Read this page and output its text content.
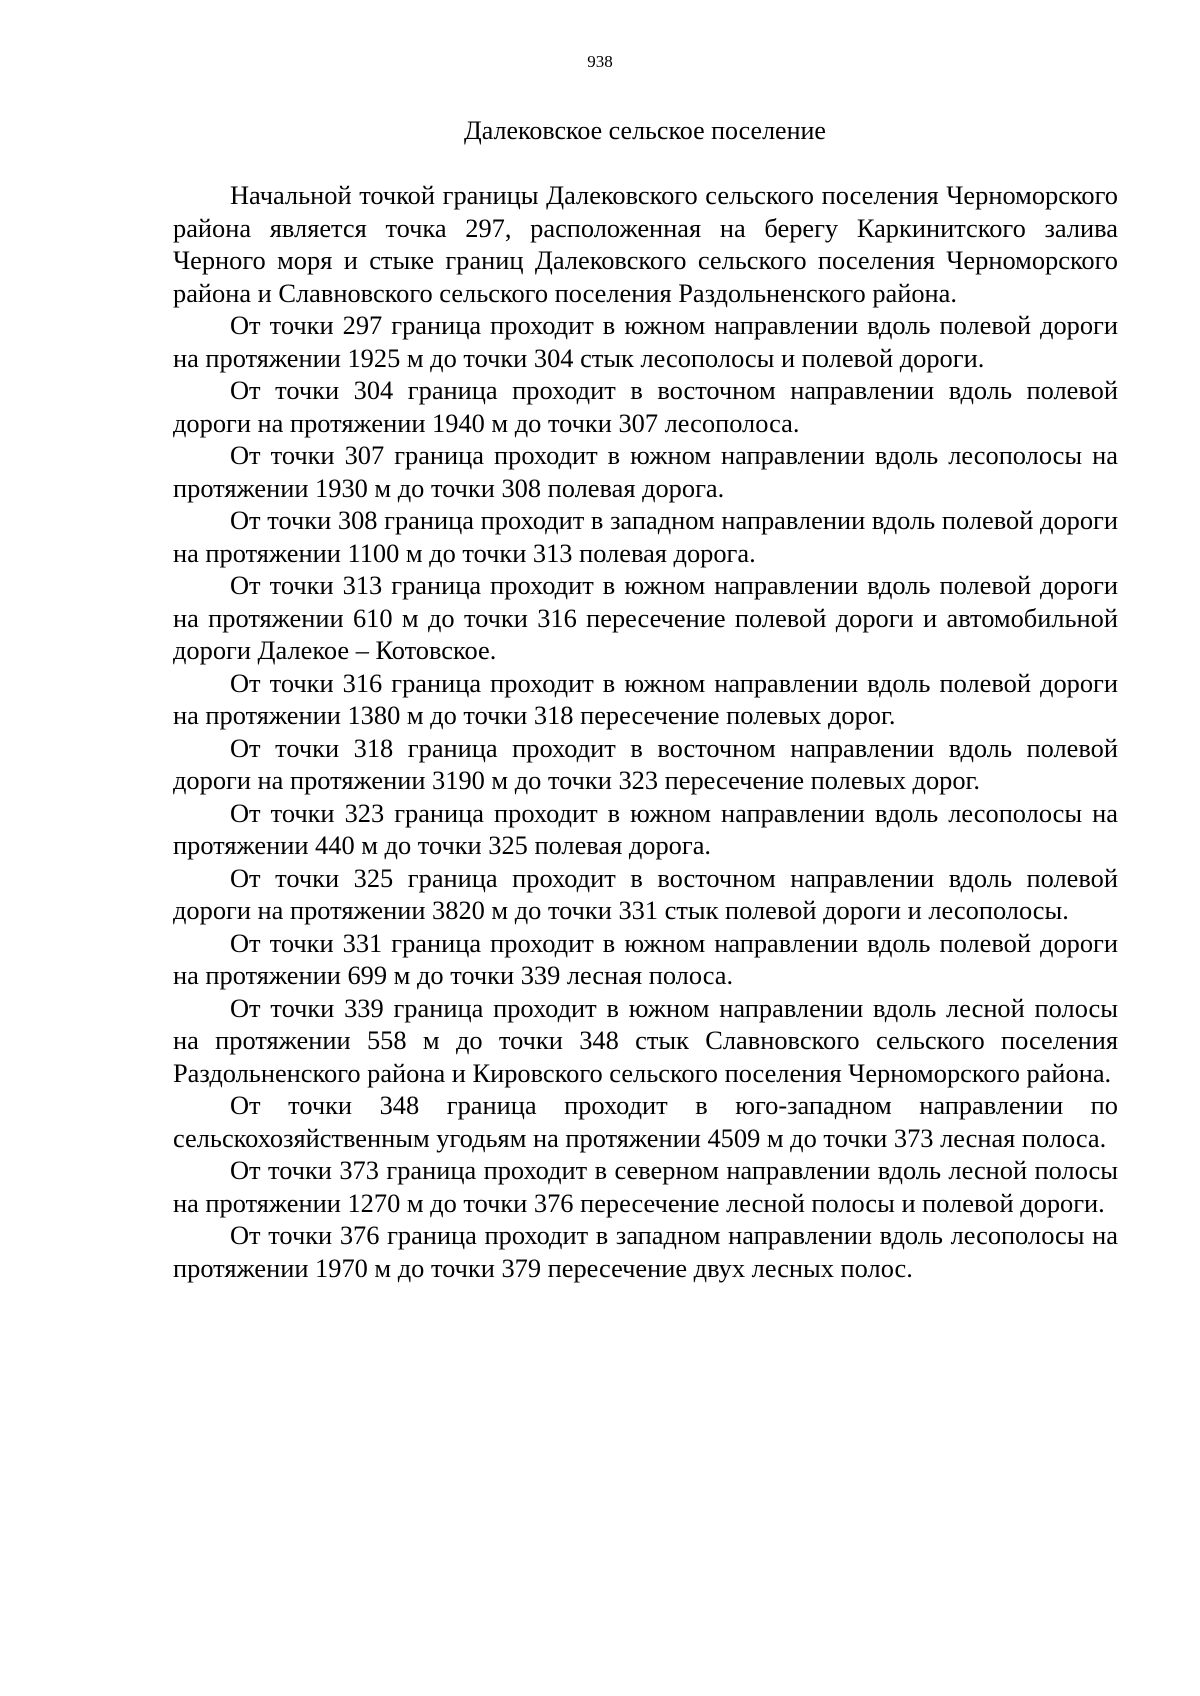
938

Далековское сельское поселение

Начальной точкой границы Далековского сельского поселения Черноморского района является точка 297, расположенная на берегу Каркинитского залива Черного моря и стыке границ Далековского сельского поселения Черноморского района и Славновского сельского поселения Раздольненского района.

От точки 297 граница проходит в южном направлении вдоль полевой дороги на протяжении 1925 м до точки 304 стык лесополосы и полевой дороги.

От точки 304 граница проходит в восточном направлении вдоль полевой дороги на протяжении 1940 м до точки 307 лесополоса.

От точки 307 граница проходит в южном направлении вдоль лесополосы на протяжении 1930 м до точки 308 полевая дорога.

От точки 308 граница проходит в западном направлении вдоль полевой дороги на протяжении 1100 м до точки 313 полевая дорога.

От точки 313 граница проходит в южном направлении вдоль полевой дороги на протяжении 610 м до точки 316 пересечение полевой дороги и автомобильной дороги Далекое – Котовское.

От точки 316 граница проходит в южном направлении вдоль полевой дороги на протяжении 1380 м до точки 318 пересечение полевых дорог.

От точки 318 граница проходит в восточном направлении вдоль полевой дороги на протяжении 3190 м до точки 323 пересечение полевых дорог.

От точки 323 граница проходит в южном направлении вдоль лесополосы на протяжении 440 м до точки 325 полевая дорога.

От точки 325 граница проходит в восточном направлении вдоль полевой дороги на протяжении 3820 м до точки 331 стык полевой дороги и лесополосы.

От точки 331 граница проходит в южном направлении вдоль полевой дороги на протяжении 699 м до точки 339 лесная полоса.

От точки 339 граница проходит в южном направлении вдоль лесной полосы на протяжении 558 м до точки 348 стык Славновского сельского поселения Раздольненского района и Кировского сельского поселения Черноморского района.

От точки 348 граница проходит в юго-западном направлении по сельскохозяйственным угодьям на протяжении 4509 м до точки 373 лесная полоса.

От точки 373 граница проходит в северном направлении вдоль лесной полосы на протяжении 1270 м до точки 376 пересечение лесной полосы и полевой дороги.

От точки 376 граница проходит в западном направлении вдоль лесополосы на протяжении 1970 м до точки 379 пересечение двух лесных полос.
